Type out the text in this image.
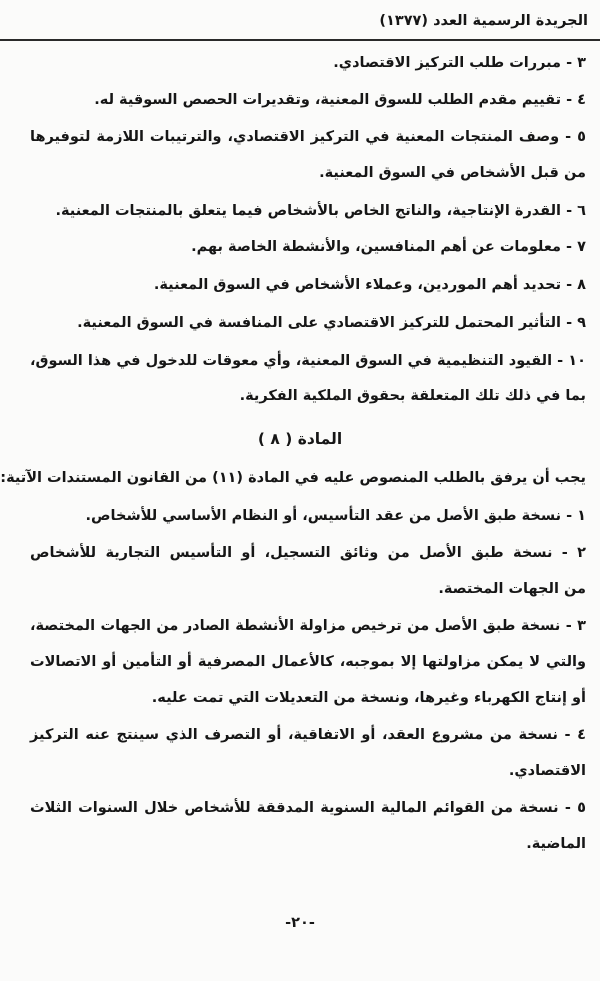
الجريدة الرسمية العدد (١٣٧٧)
٣ - مبررات طلب التركيز الاقتصادي.
٤ - تقييم مقدم الطلب للسوق المعنية، وتقديرات الحصص السوقية له.
٥ - وصف المنتجات المعنية في التركيز الاقتصادي، والترتيبات اللازمة لتوفيرها
من قبل الأشخاص في السوق المعنية.
٦ - القدرة الإنتاجية، والناتج الخاص بالأشخاص فيما يتعلق بالمنتجات المعنية.
٧ - معلومات عن أهم المنافسين، والأنشطة الخاصة بهم.
٨ - تحديد أهم الموردين، وعملاء الأشخاص في السوق المعنية.
٩ - التأثير المحتمل للتركيز الاقتصادي على المنافسة في السوق المعنية.
١٠ - القيود التنظيمية في السوق المعنية، وأي معوقات للدخول في هذا السوق،
بما في ذلك تلك المتعلقة بحقوق الملكية الفكرية.
المادة ( ٨ )
يجب أن يرفق بالطلب المنصوص عليه في المادة (١١) من القانون المستندات الآتية:
١ - نسخة طبق الأصل من عقد التأسيس، أو النظام الأساسي للأشخاص.
٢ - نسخة طبق الأصل من وثائق التسجيل، أو التأسيس التجارية للأشخاص
من الجهات المختصة.
٣ - نسخة طبق الأصل من ترخيص مزاولة الأنشطة الصادر من الجهات المختصة،
والتي لا يمكن مزاولتها إلا بموجبه، كالأعمال المصرفية أو التأمين أو الاتصالات
أو إنتاج الكهرباء وغيرها، ونسخة من التعديلات التي تمت عليه.
٤ - نسخة من مشروع العقد، أو الاتفاقية، أو التصرف الذي سينتج عنه التركيز
الاقتصادي.
٥ - نسخة من القوائم المالية السنوية المدققة للأشخاص خلال السنوات الثلاث
الماضية.
-٢٠-
